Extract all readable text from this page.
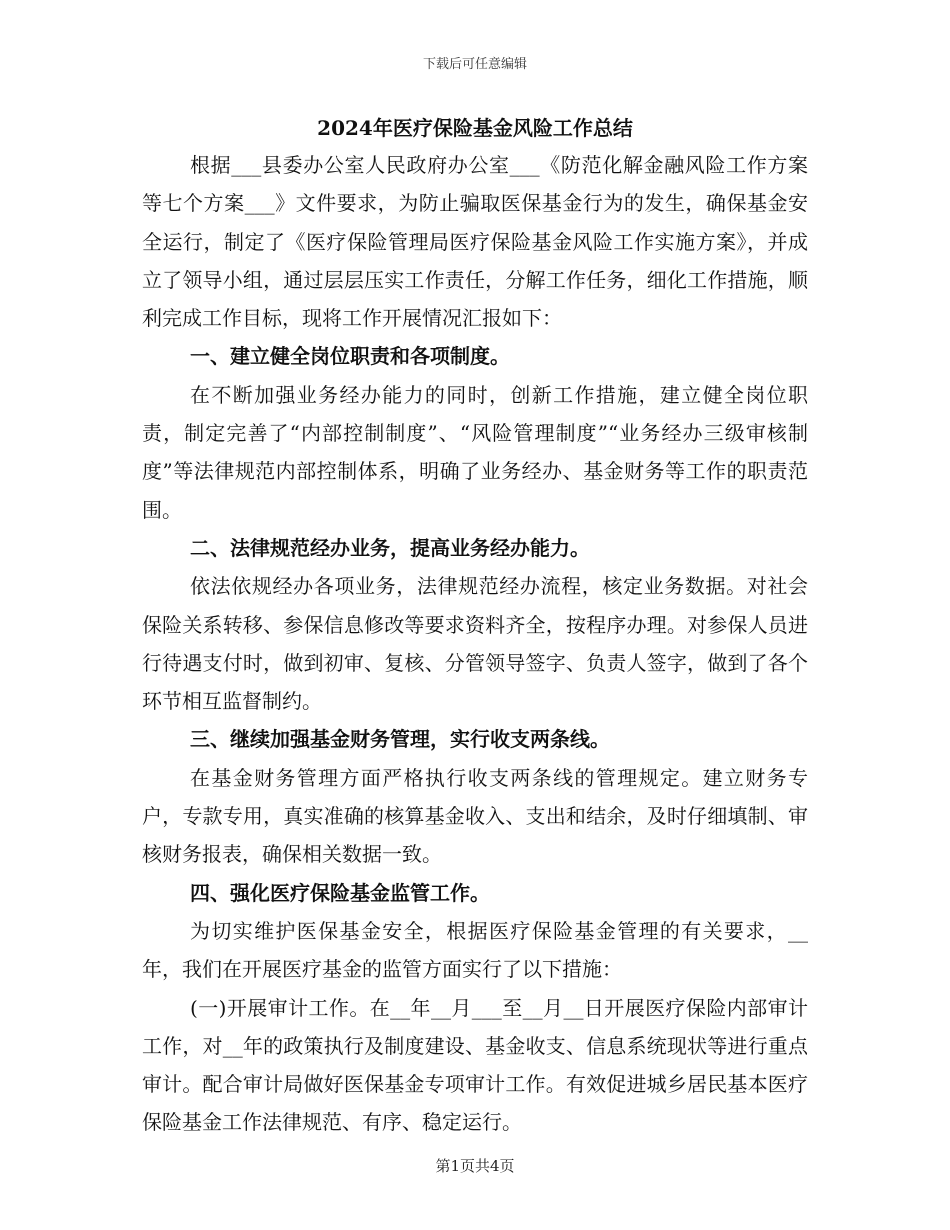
下载后可任意编辑
2024年医疗保险基金风险工作总结

根据___县委办公室人民政府办公室___《防范化解金融风险工作方案等七个方案___》文件要求，为防止骗取医保基金行为的发生，确保基金安全运行，制定了《医疗保险管理局医疗保险基金风险工作实施方案》，并成立了领导小组，通过层层压实工作责任，分解工作任务，细化工作措施，顺利完成工作目标，现将工作开展情况汇报如下：

一、建立健全岗位职责和各项制度。

在不断加强业务经办能力的同时，创新工作措施，建立健全岗位职责，制定完善了“内部控制制度”、“风险管理制度”“业务经办三级审核制度”等法律规范内部控制体系，明确了业务经办、基金财务等工作的职责范围。

二、法律规范经办业务，提高业务经办能力。

依法依规经办各项业务，法律规范经办流程，核定业务数据。对社会保险关系转移、参保信息修改等要求资料齐全，按程序办理。对参保人员进行待遇支付时，做到初审、复核、分管领导签字、负责人签字，做到了各个环节相互监督制约。

三、继续加强基金财务管理，实行收支两条线。

在基金财务管理方面严格执行收支两条线的管理规定。建立财务专户，专款专用，真实准确的核算基金收入、支出和结余，及时仔细填制、审核财务报表，确保相关数据一致。

四、强化医疗保险基金监管工作。

为切实维护医保基金安全，根据医疗保险基金管理的有关要求，__年，我们在开展医疗基金的监管方面实行了以下措施：

(一)开展审计工作。在__年__月___至__月__日开展医疗保险内部审计工作，对__年的政策执行及制度建设、基金收支、信息系统现状等进行重点审计。配合审计局做好医保基金专项审计工作。有效促进城乡居民基本医疗保险基金工作法律规范、有序、稳定运行。

第1页共4页
